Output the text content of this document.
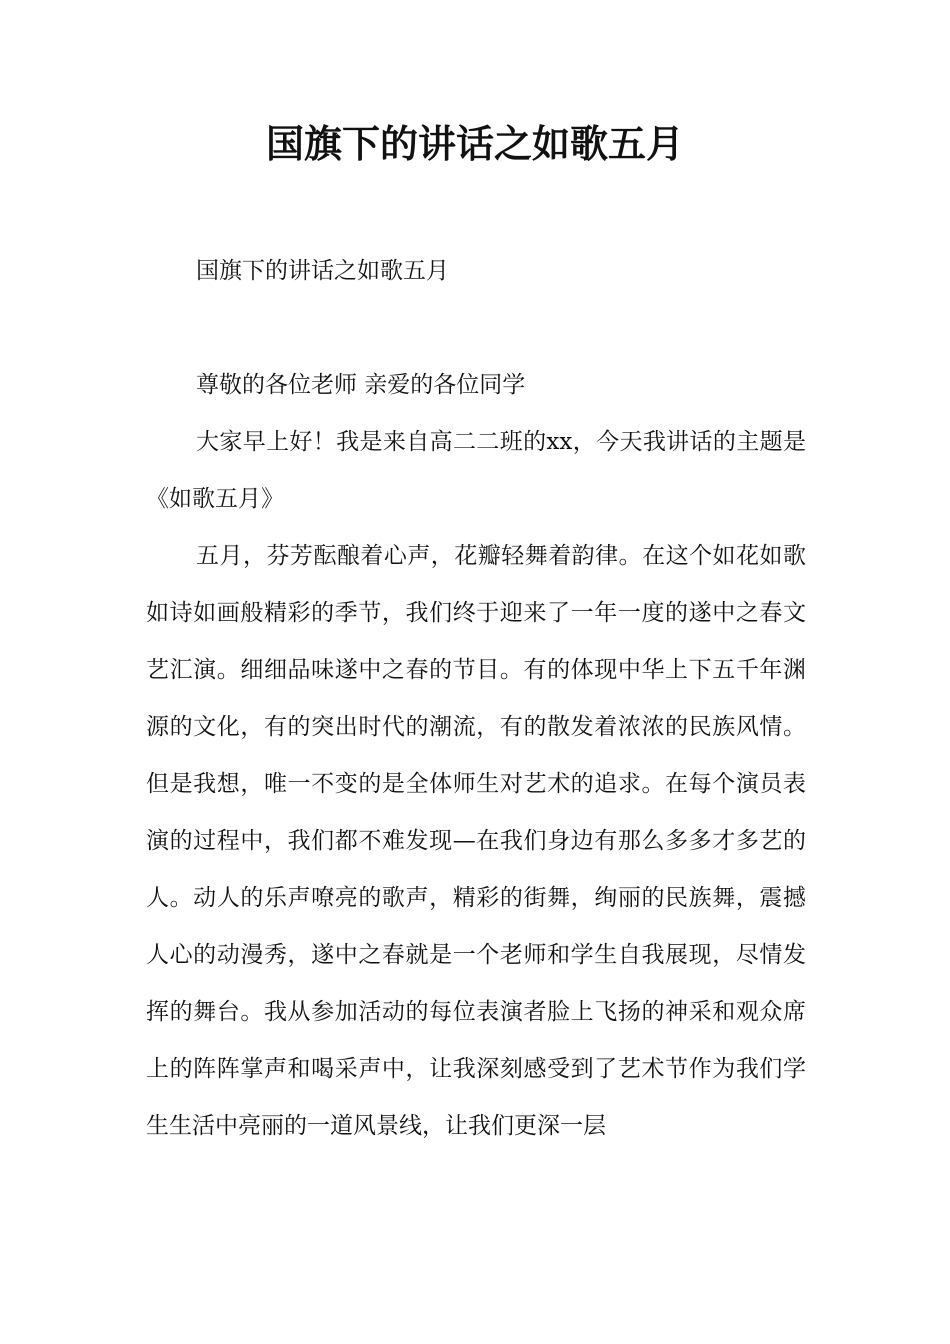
国旗下的讲话之如歌五月

国旗下的讲话之如歌五月

尊敬的各位老师 亲爱的各位同学

大家早上好！我是来自高二二班的xx，今天我讲话的主题是《如歌五月》

五月，芬芳酝酿着心声，花瓣轻舞着韵律。在这个如花如歌如诗如画般精彩的季节，我们终于迎来了一年一度的遂中之春文艺汇演。细细品味遂中之春的节目。有的体现中华上下五千年渊源的文化，有的突出时代的潮流，有的散发着浓浓的民族风情。但是我想，唯一不变的是全体师生对艺术的追求。在每个演员表演的过程中，我们都不难发现—在我们身边有那么多多才多艺的人。动人的乐声嘹亮的歌声，精彩的街舞，绚丽的民族舞，震撼人心的动漫秀，遂中之春就是一个老师和学生自我展现，尽情发挥的舞台。我从参加活动的每位表演者脸上飞扬的神采和观众席上的阵阵掌声和喝采声中，让我深刻感受到了艺术节作为我们学生生活中亮丽的一道风景线，让我们更深一层
